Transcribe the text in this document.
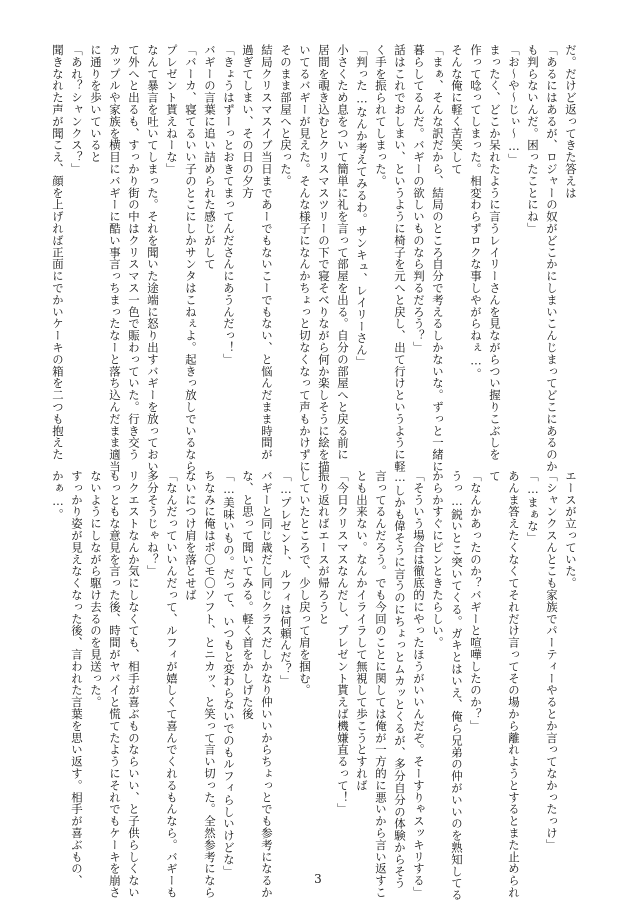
だ。だけど返ってきた答えは
「あるにはあるが、ロジャーの奴がどこかにしまいこんじまってどこにあるのか
も判らないんだ。困ったことにね」
「お〜や〜じぃ〜…」
まったく、どこか呆れたように言うレイリーさんを見ながらつい握りこぶしを
作って唸ってしまった。相変わらずロクな事しやがらねぇ…。
そんな俺に軽く苦笑して
「まぁ、そんな訳だから、結局のところ自分で考えるしかないな。ずっと一緒に
暮らしてるんだ。バギーの欲しいものなら判るだろう？」
話はこれでおしまい、というように椅子を元へと戻し、出て行けというように軽
く手を振られてしまった。
「判った…なんか考えてみるわ。サンキュ、レイリーさん」
小さくため息をついて簡単に礼を言って部屋を出る。自分の部屋へと戻る前に
居間を覗き込むとクリスマスツリーの下で寝そべりながら何か楽しそうに絵を描
いてるバギーが見えた。そんな様子になんかちょっと切なくなって声もかけずに
そのまま部屋へと戻った。
結局クリスマスイブ当日まであーでもないこーでもない、と悩んだまま時間が
過ぎてしまい、その日の夕方
「きょうはずーっとおきてまってんださんにあうんだっ！」
バギーの言葉に追い詰められた感じがして
「バーカ、寝てるいい子のとこにしかサンタはこねぇよ。起きっ放しでいるなら
プレゼント貰えねーな」
なんて暴言を吐いてしまった。それを聞いた途端に怒り出すバギーを放っておい
て外へと出るも、すっかり街の中はクリスマス一色で賑わっていた。行き交う
カップルや家族を横目にバギーに酷い事言っちまったなーと落ち込んだまま適当
に通りを歩いていると
「あれ？シャンクス？」
聞きなれた声が聞こえ、顔を上げれば正面にでかいケーキの箱を二つも抱えた
エースが立っていた。
「シャンクスんとこも家族でパーティーやるとか言ってなかったっけ」
「…まぁな」
あんま答えたくなくてそれだけ言ってその場から離れようとするとまた止められ
て
「なんかあったのか？バギーと喧嘩したのか？」
うっ…鋭いとこ突いてくる。ガキとはいえ、俺ら兄弟の仲がいいのを熟知してる
からかすぐにピンときたらしい。
「そういう場合は徹底的にやったほうがいいんだぞ。そーすりゃスッキリする」
…しかも偉そうに言うのにちょっとムカッとくるが、多分自分の体験からそう
言ってるんだろう。でも今回のことに関しては俺が一方的に悪いから言い返すこ
とも出来ない。なんかイライラして無視して歩こうとすれば
「今日クリスマスなんだし、プレゼント貰えば機嫌直るって！」
振り返ればエースが帰ろうと
していたところで、少し戻って肩を掴む。
「…プレゼント、ルフィは何頼んだ？」
バギーと同じ歳だし同じクラスだしかなり仲いいからちょっとでも参考になるか
な、と思って聞いてみる。軽く首をかしげた後
「…美味いもの。だって、いつもと変わらないでのもルフィらしいけどな」
ちなみに俺はポ〇モ〇ソフト、とニカッ、と笑って言い切った。全然参考になら
ないにつけ肩を落とせば
「なんだっていいんだって、ルフィが嬉しくて喜んでくれるもんなら。バギーも
多分そうじゃね？」
リクエストなんか気にしなくても、相手が喜ぶものならいい、と子供らしくない
もっともな意見を言った後、時間がヤバイと慌てたようにそれでもケーキを崩さ
ないようにしながら駆け去るのを見送った。
すっかり姿が見えなくなった後、言われた言葉を思い返す。相手が喜ぶもの、
かぁ…。
3
